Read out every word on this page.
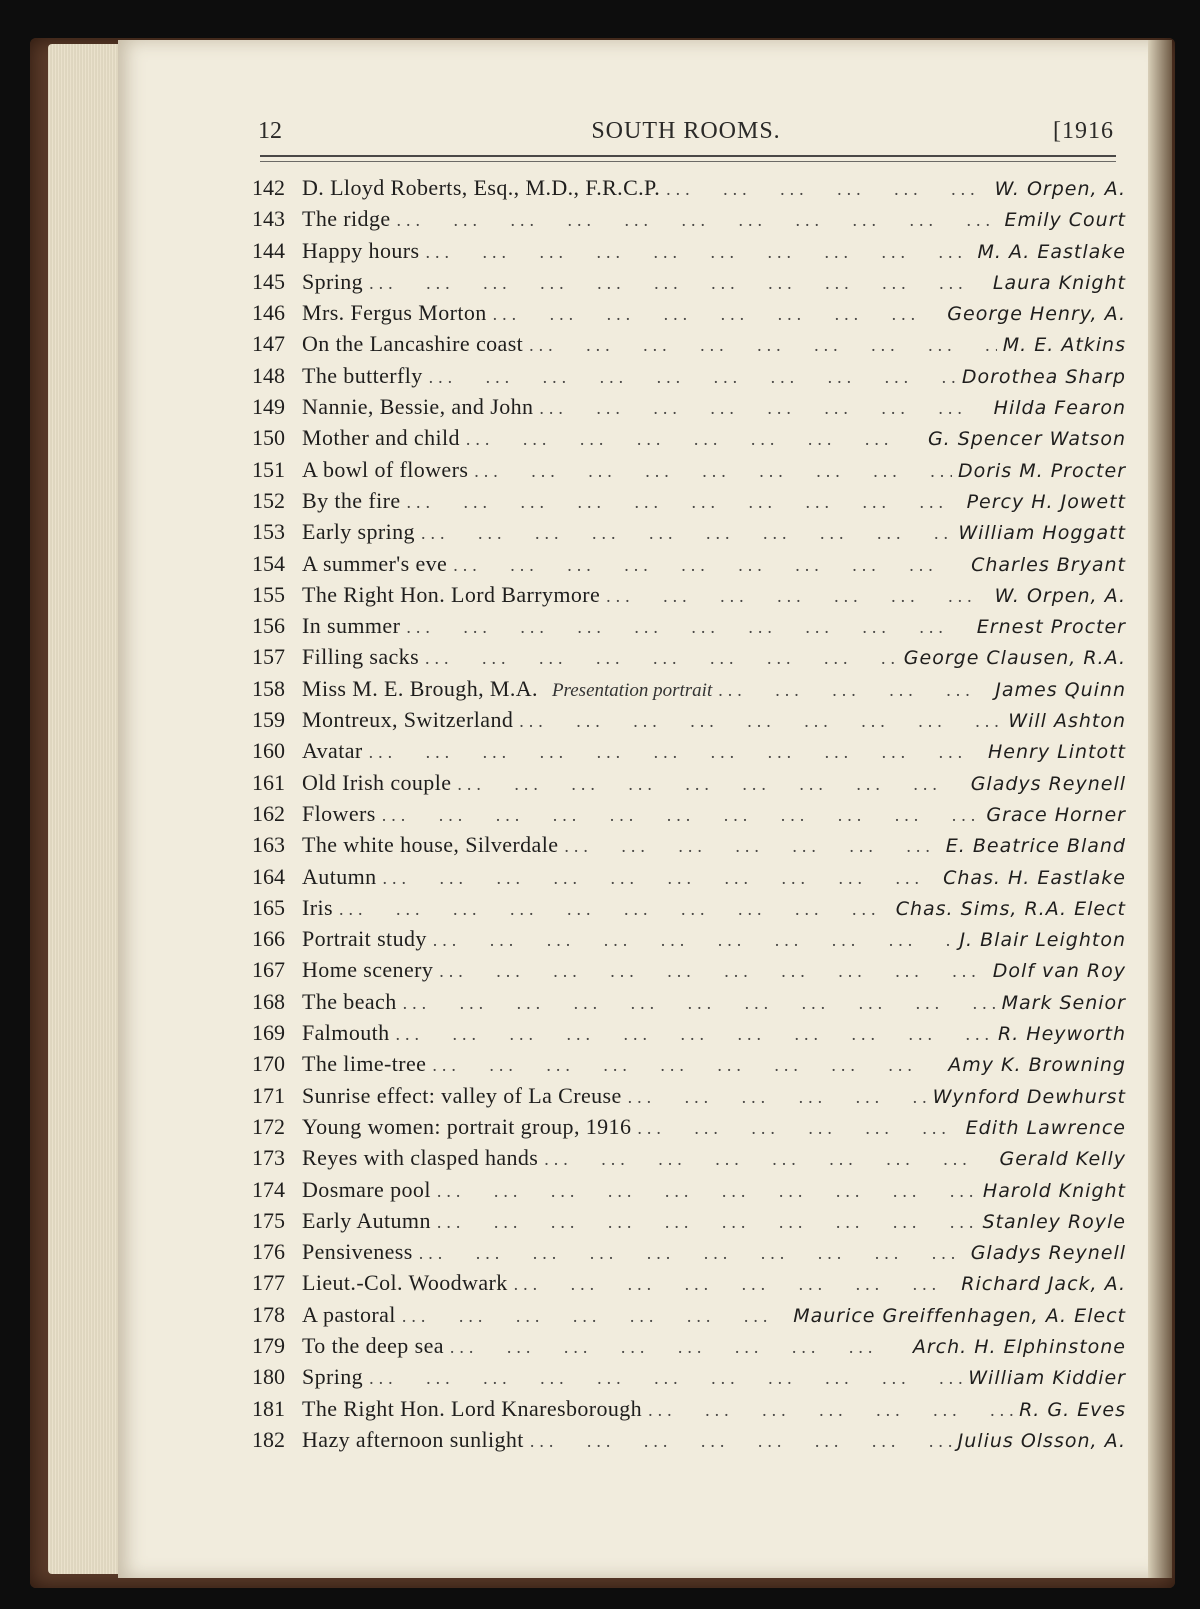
12	SOUTH ROOMS.	[1916
142 D. Lloyd Roberts, Esq., M.D., F.R.C.P. ...	W. Orpen, A.
143 The ridge ...	Emily Court
144 Happy hours ...	M. A. Eastlake
145 Spring ...	Laura Knight
146 Mrs. Fergus Morton ...	George Henry, A.
147 On the Lancashire coast ...	M. E. Atkins
148 The butterfly ...	Dorothea Sharp
149 Nannie, Bessie, and John ...	Hilda Fearon
150 Mother and child ...	G. Spencer Watson
151 A bowl of flowers ...	Doris M. Procter
152 By the fire ...	Percy H. Jowett
153 Early spring ...	William Hoggatt
154 A summer's eve ...	Charles Bryant
155 The Right Hon. Lord Barrymore ...	W. Orpen, A.
156 In summer ...	Ernest Procter
157 Filling sacks ...	George Clausen, R.A.
158 Miss M. E. Brough, M.A. Presentation portrait ...	James Quinn
159 Montreux, Switzerland ...	Will Ashton
160 Avatar ...	Henry Lintott
161 Old Irish couple ...	Gladys Reynell
162 Flowers ...	Grace Horner
163 The white house, Silverdale ...	E. Beatrice Bland
164 Autumn ...	Chas. H. Eastlake
165 Iris ...	Chas. Sims, R.A. Elect
166 Portrait study ...	J. Blair Leighton
167 Home scenery ...	Dolf van Roy
168 The beach ...	Mark Senior
169 Falmouth ...	R. Heyworth
170 The lime-tree ...	Amy K. Browning
171 Sunrise effect: valley of La Creuse ...	Wynford Dewhurst
172 Young women: portrait group, 1916 ...	Edith Lawrence
173 Reyes with clasped hands ...	Gerald Kelly
174 Dosmare pool ...	Harold Knight
175 Early Autumn ...	Stanley Royle
176 Pensiveness ...	Gladys Reynell
177 Lieut.-Col. Woodwark ...	Richard Jack, A.
178 A pastoral ...	Maurice Greiffenhagen, A. Elect
179 To the deep sea ...	Arch. H. Elphinstone
180 Spring ...	William Kiddier
181 The Right Hon. Lord Knaresborough ...	R. G. Eves
182 Hazy afternoon sunlight ...	Julius Olsson, A.
